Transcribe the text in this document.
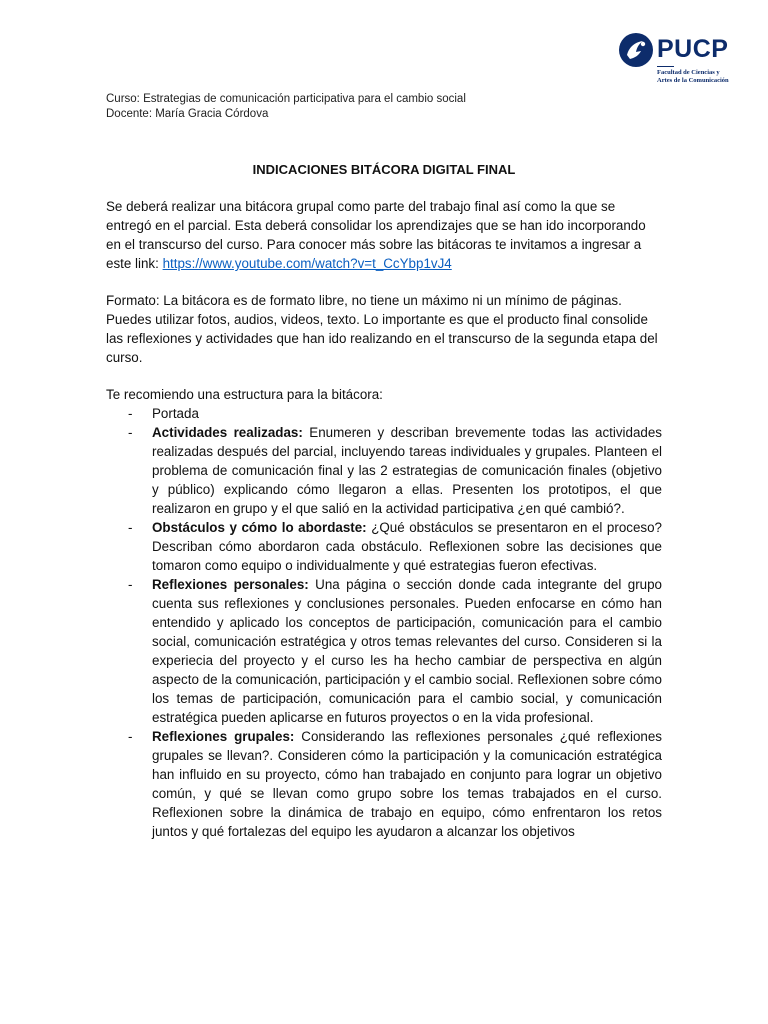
PUCP
Facultad de Ciencias y
Artes de la Comunicación
Curso: Estrategias de comunicación participativa para el cambio social
Docente: María Gracia Córdova
INDICACIONES BITÁCORA DIGITAL FINAL
Se deberá realizar una bitácora grupal como parte del trabajo final así como la que se entregó en el parcial. Esta deberá consolidar los aprendizajes que se han ido incorporando en el transcurso del curso. Para conocer más sobre las bitácoras te invitamos a ingresar a este link: https://www.youtube.com/watch?v=t_CcYbp1vJ4
Formato: La bitácora es de formato libre, no tiene un máximo ni un mínimo de páginas. Puedes utilizar fotos, audios, videos, texto. Lo importante es que el producto final consolide las reflexiones y actividades que han ido realizando en el transcurso de la segunda etapa del curso.
Te recomiendo una estructura para la bitácora:
- Portada
- Actividades realizadas: Enumeren y describan brevemente todas las actividades realizadas después del parcial, incluyendo tareas individuales y grupales. Planteen el problema de comunicación final y las 2 estrategias de comunicación finales (objetivo y público) explicando cómo llegaron a ellas. Presenten los prototipos, el que realizaron en grupo y el que salió en la actividad participativa ¿en qué cambió?.
- Obstáculos y cómo lo abordaste: ¿Qué obstáculos se presentaron en el proceso? Describan cómo abordaron cada obstáculo. Reflexionen sobre las decisiones que tomaron como equipo o individualmente y qué estrategias fueron efectivas.
- Reflexiones personales: Una página o sección donde cada integrante del grupo cuenta sus reflexiones y conclusiones personales. Pueden enfocarse en cómo han entendido y aplicado los conceptos de participación, comunicación para el cambio social, comunicación estratégica y otros temas relevantes del curso. Consideren si la experiecia del proyecto y el curso les ha hecho cambiar de perspectiva en algún aspecto de la comunicación, participación y el cambio social. Reflexionen sobre cómo los temas de participación, comunicación para el cambio social, y comunicación estratégica pueden aplicarse en futuros proyectos o en la vida profesional.
- Reflexiones grupales: Considerando las reflexiones personales ¿qué reflexiones grupales se llevan?. Consideren cómo la participación y la comunicación estratégica han influido en su proyecto, cómo han trabajado en conjunto para lograr un objetivo común, y qué se llevan como grupo sobre los temas trabajados en el curso. Reflexionen sobre la dinámica de trabajo en equipo, cómo enfrentaron los retos juntos y qué fortalezas del equipo les ayudaron a alcanzar los objetivos
